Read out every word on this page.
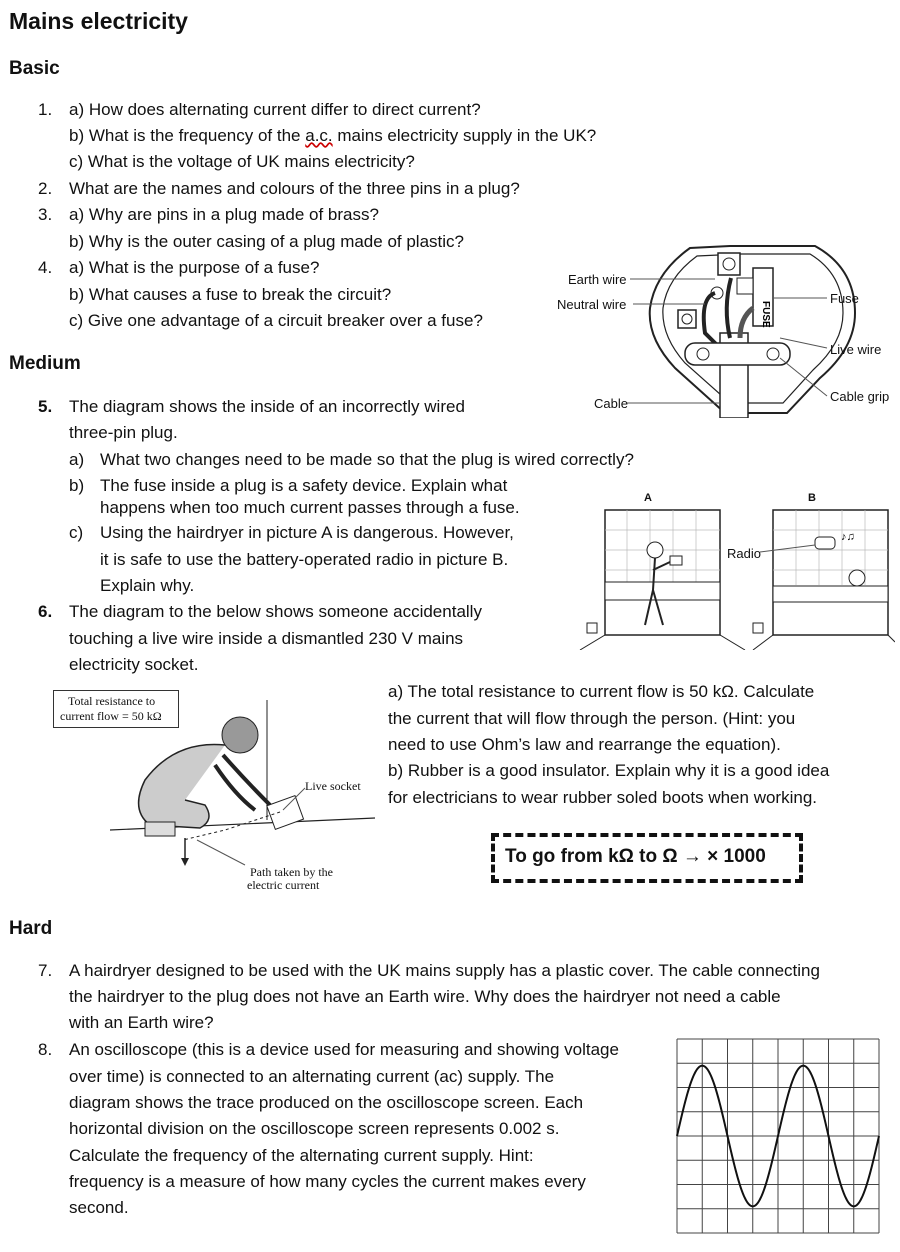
Mains electricity
Basic
1. a) How does alternating current differ to direct current?
b) What is the frequency of the a.c. mains electricity supply in the UK?
c) What is the voltage of UK mains electricity?
2. What are the names and colours of the three pins in a plug?
3. a) Why are pins in a plug made of brass?
b) Why is the outer casing of a plug made of plastic?
4. a) What is the purpose of a fuse?
b) What causes a fuse to break the circuit?
c) Give one advantage of a circuit breaker over a fuse?	FUSE
Earth wire
Neutral wire
Cable
Fuse
Live wire
Cable grip
Medium
5. The diagram shows the inside of an incorrectly wired
three-pin plug.
a) What two changes need to be made so that the plug is wired correctly?
b) The fuse inside a plug is a safety device. Explain what
happens when too much current passes through a fuse.
c) Using the hairdryer in picture A is dangerous. However,
it is safe to use the battery-operated radio in picture B.
Explain why.
♪♫
A	B
Radio
6. The diagram to the below shows someone accidentally
touching a live wire inside a dismantled 230 V mains
electricity socket.
Total resistance to
current flow = 50 kΩ
Live socket
Path taken by the
electric current
a) The total resistance to current flow is 50 kΩ. Calculate
the current that will flow through the person. (Hint: you
need to use Ohm’s law and rearrange the equation).
b) Rubber is a good insulator. Explain why it is a good idea
for electricians to wear rubber soled boots when working.
To go from kΩ to Ω → × 1000
Hard
7. A hairdryer designed to be used with the UK mains supply has a plastic cover. The cable connecting
the hairdryer to the plug does not have an Earth wire. Why does the hairdryer not need a cable
with an Earth wire?
8. An oscilloscope (this is a device used for measuring and showing voltage
over time) is connected to an alternating current (ac) supply. The
diagram shows the trace produced on the oscilloscope screen. Each
horizontal division on the oscilloscope screen represents 0.002 s.
Calculate the frequency of the alternating current supply. Hint:
frequency is a measure of how many cycles the current makes every
second.
